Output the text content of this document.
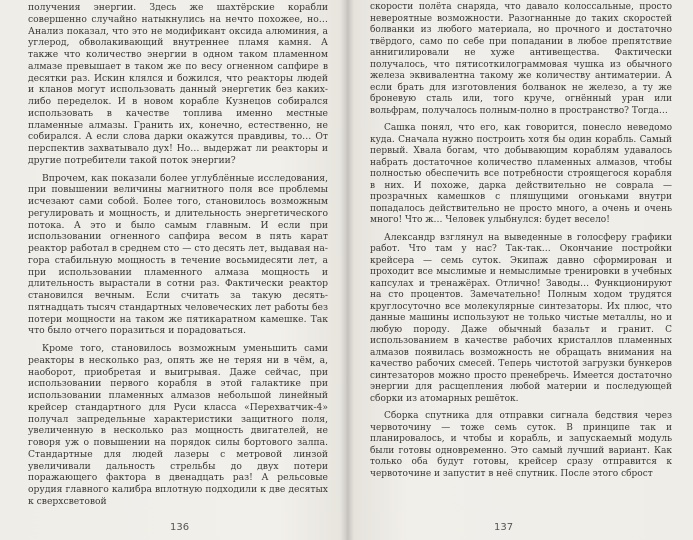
получения энергии. Здесь же шахтёрские корабли совершенно случайно натыкнулись на нечто похожее, но… Анализ показал, что это не модификант оксида алюминия, а углерод, обволакивающий внутреннее пламя камня. А также что количество энергии в одном таком пламенном алмазе превышает в таком же по весу огненном сапфире в десятки раз. Искин клялся и божился, что реакторы людей и кланов могут использовать данный энергетик без каких-либо переделок. И в новом корабле Кузнецов собирался использовать в качестве топлива именно местные пламенные алмазы. Гранить их, конечно, естественно, не собирался. А если слова дарки окажутся правдивы, то… От перспектив захватывало дух! Но… выдержат ли реакторы и другие потребители такой поток энергии?

Впрочем, как показали более углублённые исследования, при повышении величины магнитного поля все проблемы исчезают сами собой. Более того, становилось возможным регулировать и мощность, и длительность энергетического потока. А это и было самым главным. И если при использовании огненного сапфира весом в пять карат реактор работал в среднем сто — сто десять лет, выдавая на-гора стабильную мощность в течение восьмидесяти лет, а при использовании пламенного алмаза мощность и длительность вырастали в сотни раз. Фактически реактор становился вечным. Если считать за такую десять-пятнадцать тысяч стандартных человеческих лет работы без потери мощности на таком же пятикаратном камешке. Так что было отчего поразиться и порадоваться.

Кроме того, становилось возможным уменьшить сами реакторы в несколько раз, опять же не теряя ни в чём, а, наоборот, приобретая и выигрывая. Даже сейчас, при использовании первого корабля в этой галактике при использовании пламенных алмазов небольшой линейный крейсер стандартного для Руси класса «Перехватчик-4» получал запредельные характеристики защитного поля, увеличенную в несколько раз мощность двигателей, не говоря уж о повышении на порядок силы бортового залпа. Стандартные для людей лазеры с метровой линзой увеличивали дальность стрельбы до двух потери поражающего фактора в двенадцать раз! А рельсовые орудия главного калибра вплотную подходили к две десятых к сверхсветовой

136

скорости полёта снаряда, что давало колоссальные, просто невероятные возможности. Разогнанные до таких скоростей болванки из любого материала, но прочного и достаточно твёрдого, само по себе при попадании в любое препятствие аннигилировали не хуже антивещества. Фактически получалось, что пятисоткилограммовая чушка из обычного железа эквивалентна такому же количеству антиматерии. А если брать для изготовления болванок не железо, а ту же броневую сталь или, того круче, огнённый уран или вольфрам, получалось полным-полно в пространство? Тогда…

Сашка понял, что его, как говорится, понесло неведомо куда. Сначала нужно построить хотя бы один корабль. Самый первый. Хвала богам, что добывающим кораблям удавалось набрать достаточное количество пламенных алмазов, чтобы полностью обеспечить все потребности строящегося корабля в них. И похоже, дарка действительно не соврала — прозрачных камешков с пляшущими огоньками внутри попадалось действительно не просто много, а очень и очень много! Что ж… Человек улыбнулся: будет весело!

Александр взглянул на выведенные в голосферу графики работ. Что там у нас? Так-так… Окончание постройки крейсера — семь суток. Экипаж давно сформирован и проходит все мыслимые и немыслимые тренировки в учебных капсулах и тренажёрах. Отлично! Заводы… Функционируют на сто процентов. Замечательно! Полным ходом трудятся круглосуточно все молекулярные синтезаторы. Их плюс, что данные машины используют не только чистые металлы, но и любую породу. Даже обычный базальт и гранит. С использованием в качестве рабочих кристаллов пламенных алмазов появилась возможность не обращать внимания на качество рабочих смесей. Теперь чистотой загрузки бункеров синтезаторов можно просто пренебречь. Имеется достаточно энергии для расщепления любой материи и последующей сборки из атомарных решёток.

Сборка спутника для отправки сигнала бедствия через червоточину — тоже семь суток. В принципе так и планировалось, и чтобы и корабль, и запускаемый модуль были готовы одновременно. Это самый лучший вариант. Как только оба будут готовы, крейсер сразу отправится к червоточине и запустит в неё спутник. После этого сброст

137
